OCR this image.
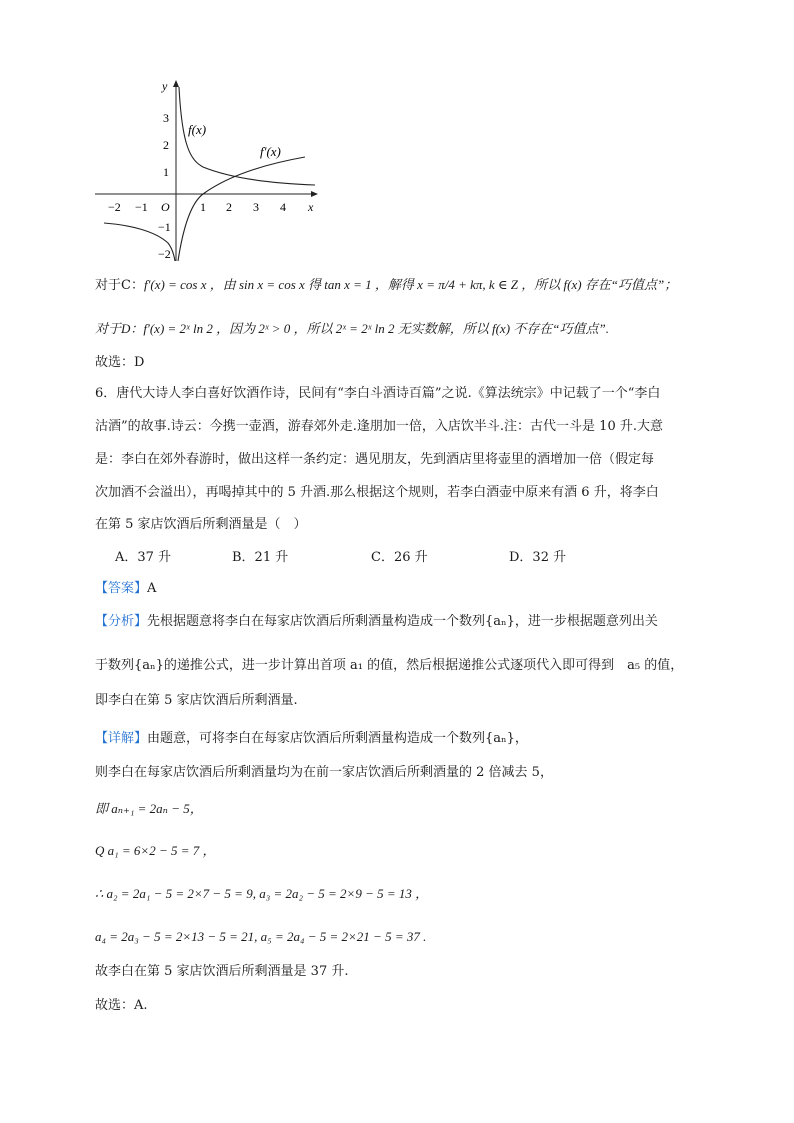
y
x
O
3
2
1
−1
−2
−2 −1	1 2 3 4
f(x)
f′(x)
对于C：f′(x) = cos x ，由 sin x = cos x 得 tan x = 1 ，解得 x = π/4 + kπ, k ∈ Z ，所以 f(x) 存在“巧值点”；
对于D：f′(x) = 2ˣ ln 2 ，因为 2ˣ > 0 ，所以 2ˣ = 2ˣ ln 2 无实数解，所以 f(x) 不存在“巧值点”.
故选：D
6．唐代大诗人李白喜好饮酒作诗，民间有“李白斗酒诗百篇”之说.《算法统宗》中记载了一个“李白
沽酒”的故事.诗云：今携一壶酒，游春郊外走.逢朋加一倍，入店饮半斗.注：古代一斗是 10 升.大意
是：李白在郊外春游时，做出这样一条约定：遇见朋友，先到酒店里将壶里的酒增加一倍（假定每
次加酒不会溢出），再喝掉其中的 5 升酒.那么根据这个规则，若李白酒壶中原来有酒 6 升，将李白
在第 5 家店饮酒后所剩酒量是（　）
A．37 升	B．21 升	C．26 升	D．32 升
【答案】A
【分析】先根据题意将李白在每家店饮酒后所剩酒量构造成一个数列{aₙ}，进一步根据题意列出关
于数列{aₙ}的递推公式，进一步计算出首项 a₁ 的值，然后根据递推公式逐项代入即可得到　a₅ 的值，
即李白在第 5 家店饮酒后所剩酒量.
【详解】由题意，可将李白在每家店饮酒后所剩酒量构造成一个数列{aₙ}，
则李白在每家店饮酒后所剩酒量均为在前一家店饮酒后所剩酒量的 2 倍减去 5，
即 aₙ₊₁ = 2aₙ − 5，
Q a₁ = 6×2 − 5 = 7 ，
∴ a₂ = 2a₁ − 5 = 2×7 − 5 = 9, a₃ = 2a₂ − 5 = 2×9 − 5 = 13 ，
a₄ = 2a₃ − 5 = 2×13 − 5 = 21, a₅ = 2a₄ − 5 = 2×21 − 5 = 37 .
故李白在第 5 家店饮酒后所剩酒量是 37 升.
故选：A.
